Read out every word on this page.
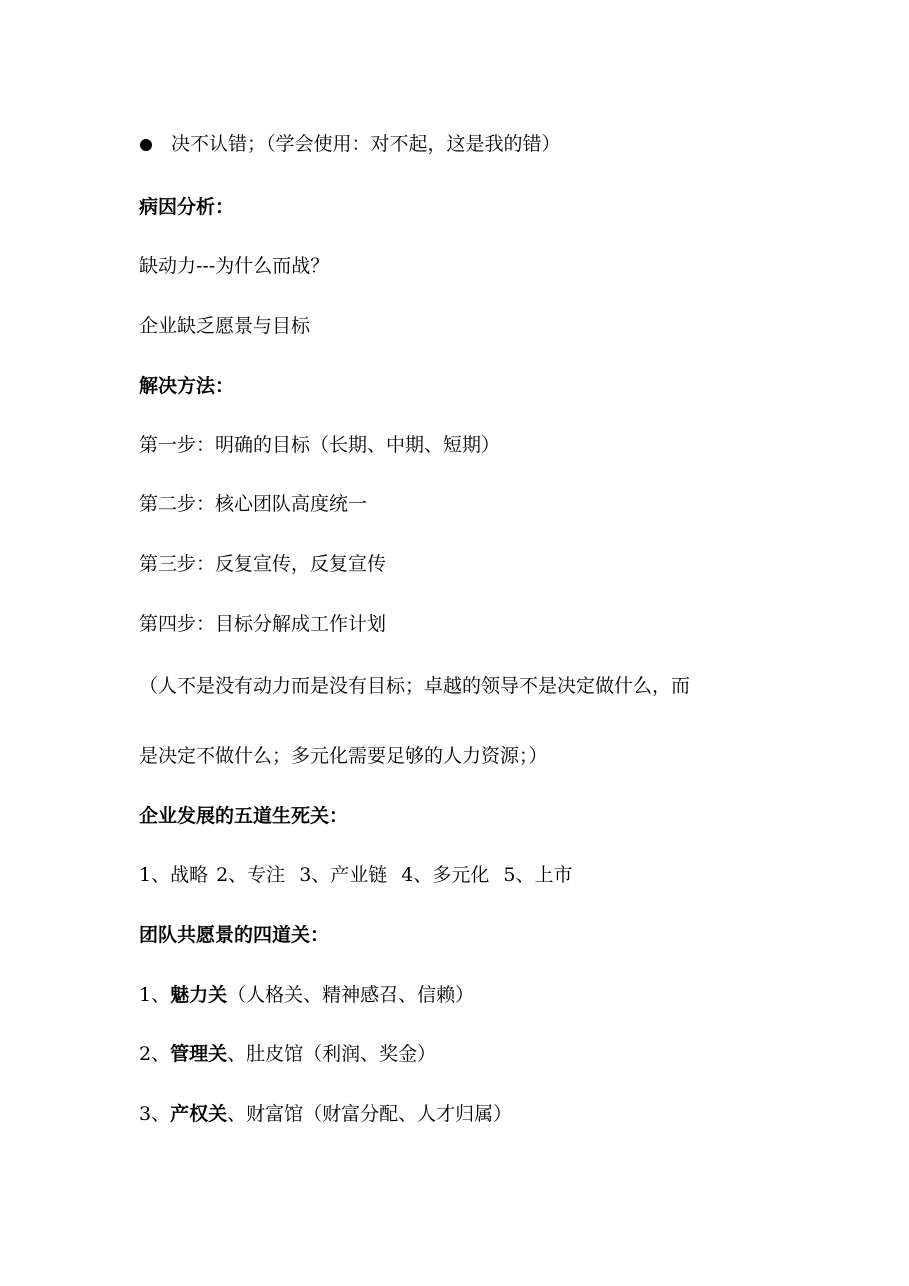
决不认错；（学会使用：对不起，这是我的错）
病因分析：
缺动力---为什么而战？
企业缺乏愿景与目标
解决方法：
第一步：明确的目标（长期、中期、短期）
第二步：核心团队高度统一
第三步：反复宣传，反复宣传
第四步：目标分解成工作计划
（人不是没有动力而是没有目标；卓越的领导不是决定做什么，而
是决定不做什么；多元化需要足够的人力资源；）
企业发展的五道生死关：
1、战略 2、专注 3、产业链 4、多元化 5、上市
团队共愿景的四道关：
1、魅力关（人格关、精神感召、信赖）
2、管理关、肚皮馆（利润、奖金）
3、产权关、财富馆（财富分配、人才归属）
